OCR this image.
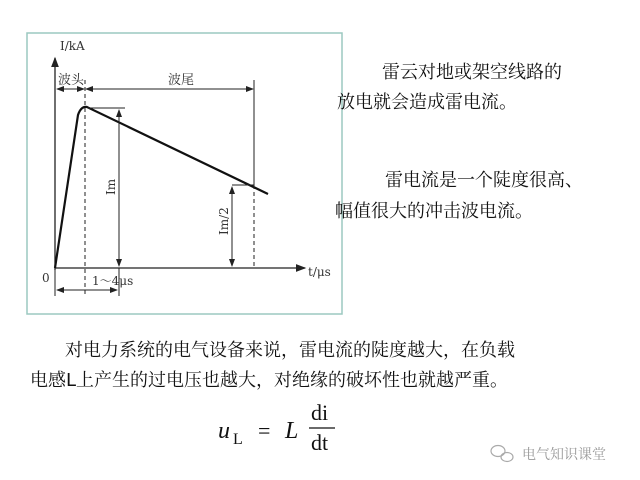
I/kA
t/μs
0
波头	波尾
Im
Im/2
1～4μs
雷云对地或架空线路的
放电就会造成雷电流。
雷电流是一个陡度很高、
幅值很大的冲击波电流。
对电力系统的电气设备来说，雷电流的陡度越大，在负载
电感L上产生的过电压也越大，对绝缘的破坏性也就越严重。
u L = L
di
dt	电气知识课堂
